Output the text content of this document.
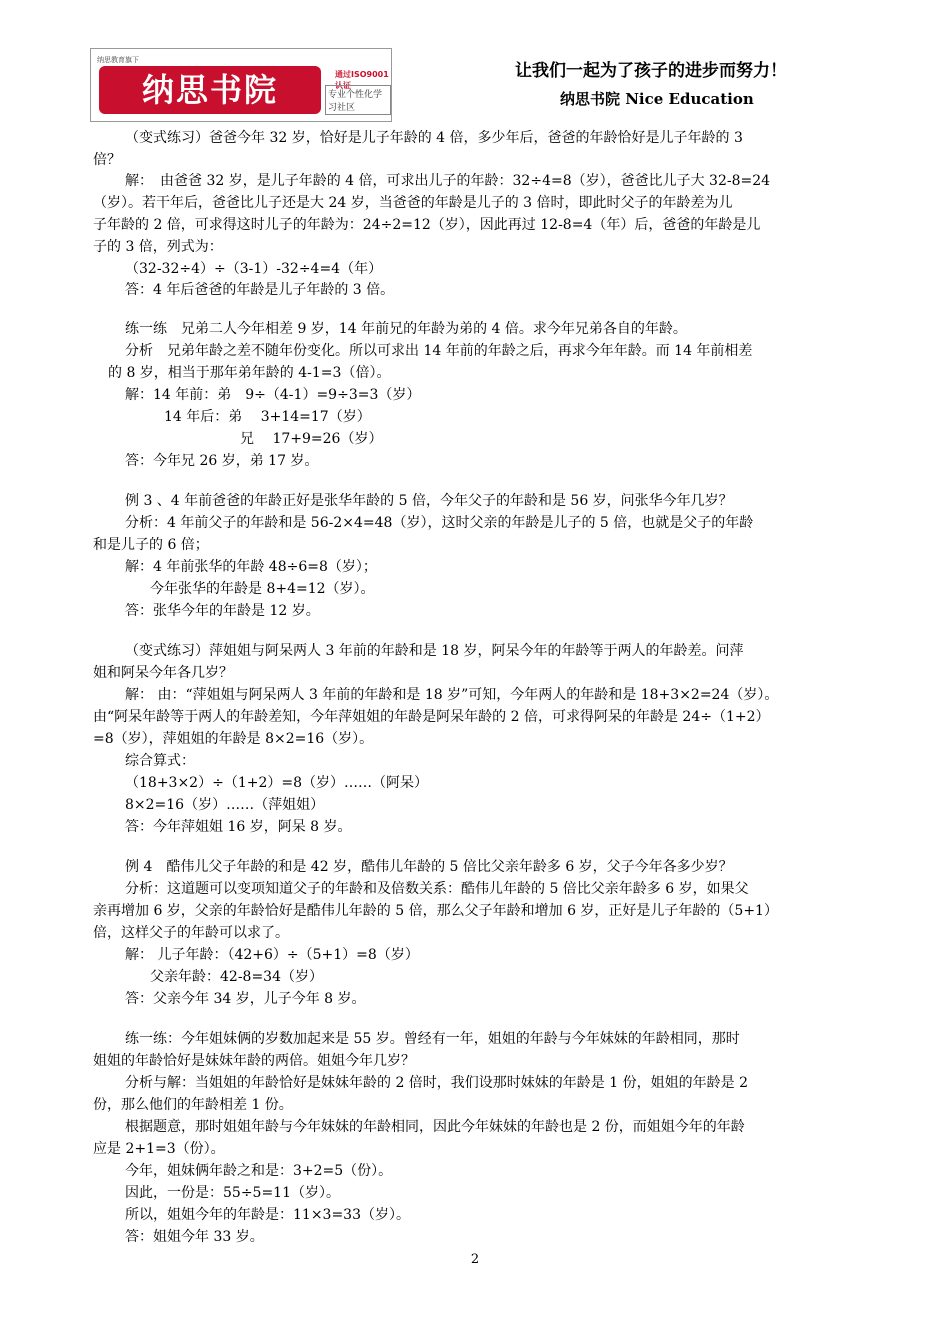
纳思教育旗下
纳思书院	通过ISO9001认证
专业个性化学习社区
让我们一起为了孩子的进步而努力！
纳思书院 Nice Education
（变式练习）爸爸今年 32 岁，恰好是儿子年龄的 4 倍，多少年后，爸爸的年龄恰好是儿子年龄的 3
倍？
解：　由爸爸 32 岁，是儿子年龄的 4 倍，可求出儿子的年龄：32÷4=8（岁），爸爸比儿子大 32-8=24
（岁）。若干年后，爸爸比儿子还是大 24 岁，当爸爸的年龄是儿子的 3 倍时，即此时父子的年龄差为儿
子年龄的 2 倍，可求得这时儿子的年龄为：24÷2=12（岁），因此再过 12-8=4（年）后，爸爸的年龄是儿
子的 3 倍，列式为：
（32-32÷4）÷（3-1）-32÷4=4（年）
答：4 年后爸爸的年龄是儿子年龄的 3 倍。
练一练　兄弟二人今年相差 9 岁，14 年前兄的年龄为弟的 4 倍。求今年兄弟各自的年龄。
分析　兄弟年龄之差不随年份变化。所以可求出 14 年前的年龄之后，再求今年年龄。而 14 年前相差
的 8 岁，相当于那年弟年龄的 4-1=3（倍）。
解：14 年前：弟　9÷（4-1）=9÷3=3（岁）
14 年后：弟　 3+14=17（岁）
兄　 17+9=26（岁）
答：今年兄 26 岁，弟 17 岁。
例 3 、4 年前爸爸的年龄正好是张华年龄的 5 倍，今年父子的年龄和是 56 岁，问张华今年几岁？
分析：4 年前父子的年龄和是 56-2×4=48（岁），这时父亲的年龄是儿子的 5 倍，也就是父子的年龄
和是儿子的 6 倍；
解：4 年前张华的年龄 48÷6=8（岁）；
今年张华的年龄是 8+4=12（岁）。
答：张华今年的年龄是 12 岁。
（变式练习）萍姐姐与阿呆两人 3 年前的年龄和是 18 岁，阿呆今年的年龄等于两人的年龄差。问萍
姐和阿呆今年各几岁？
解： 由：“萍姐姐与阿呆两人 3 年前的年龄和是 18 岁”可知，今年两人的年龄和是 18+3×2=24（岁）。
由“阿呆年龄等于两人的年龄差知，今年萍姐姐的年龄是阿呆年龄的 2 倍，可求得阿呆的年龄是 24÷（1+2）
=8（岁），萍姐姐的年龄是 8×2=16（岁）。
综合算式：
（18+3×2）÷（1+2）=8（岁）……（阿呆）
8×2=16（岁）……（萍姐姐）
答：今年萍姐姐 16 岁，阿呆 8 岁。
例 4　酷伟儿父子年龄的和是 42 岁，酷伟儿年龄的 5 倍比父亲年龄多 6 岁，父子今年各多少岁？
分析：这道题可以变项知道父子的年龄和及倍数关系：酷伟儿年龄的 5 倍比父亲年龄多 6 岁，如果父
亲再增加 6 岁，父亲的年龄恰好是酷伟儿年龄的 5 倍，那么父子年龄和增加 6 岁，正好是儿子年龄的（5+1）
倍，这样父子的年龄可以求了。
解： 儿子年龄：（42+6）÷（5+1）=8（岁）
父亲年龄：42-8=34（岁）
答：父亲今年 34 岁，儿子今年 8 岁。
练一练：今年姐妹俩的岁数加起来是 55 岁。曾经有一年，姐姐的年龄与今年妹妹的年龄相同，那时
姐姐的年龄恰好是妹妹年龄的两倍。姐姐今年几岁？
分析与解：当姐姐的年龄恰好是妹妹年龄的 2 倍时，我们设那时妹妹的年龄是 1 份，姐姐的年龄是 2
份，那么他们的年龄相差 1 份。
根据题意，那时姐姐年龄与今年妹妹的年龄相同，因此今年妹妹的年龄也是 2 份，而姐姐今年的年龄
应是 2+1=3（份）。
今年，姐妹俩年龄之和是：3+2=5（份）。
因此，一份是：55÷5=11（岁）。
所以，姐姐今年的年龄是：11×3=33（岁）。
答：姐姐今年 33 岁。
2
